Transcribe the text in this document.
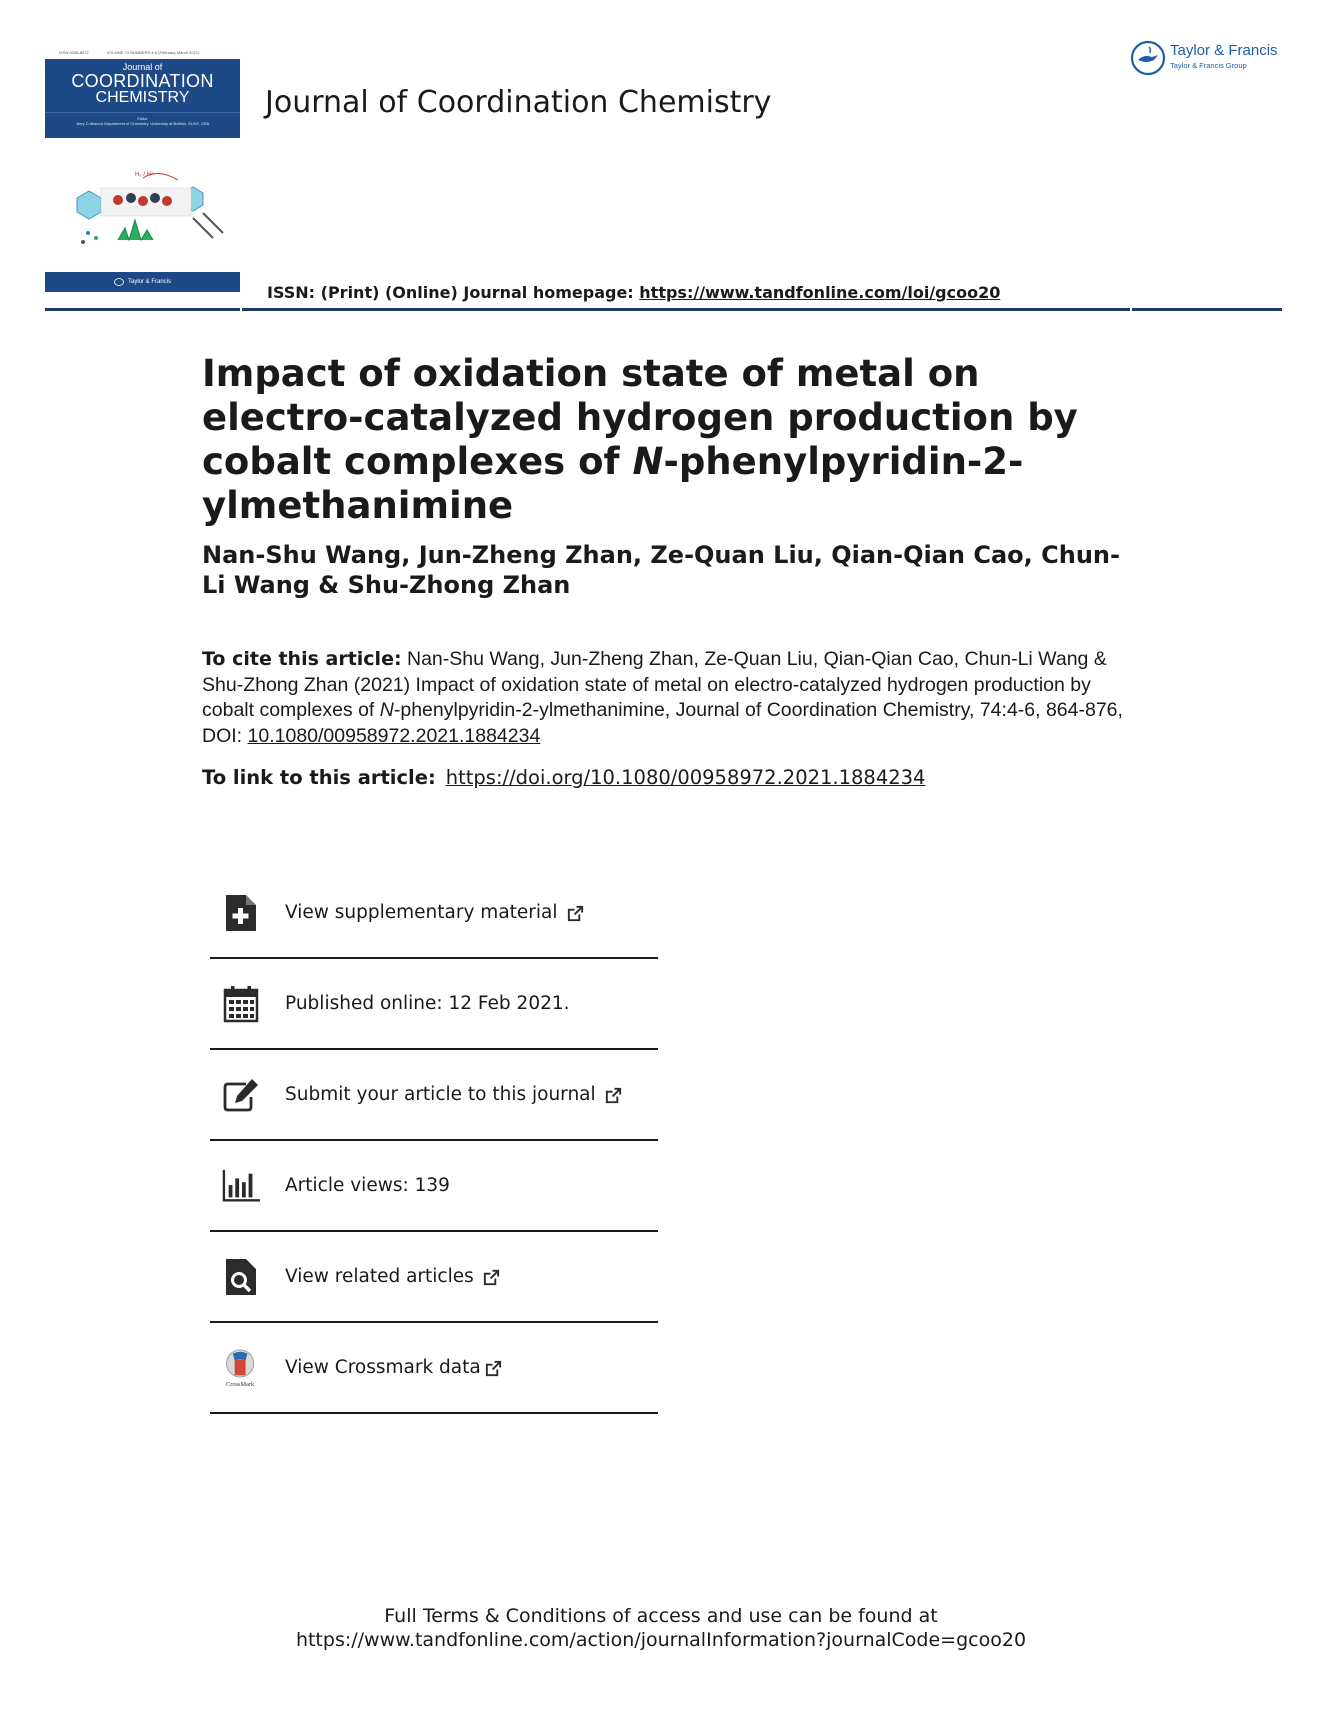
ISSN 0095-8972	VOLUME 74 NUMBERS 4-6 (February-March 2021)
Journal of
COORDINATION
CHEMISTRY
Editor
Jerry D Atwood Department of Chemistry, University at Buffalo, SUNY, USA
H₂ / H⁺
Taylor & Francis
Journal of Coordination Chemistry
ISSN: (Print) (Online) Journal homepage: https://www.tandfonline.com/loi/gcoo20
Taylor & Francis
Taylor & Francis Group
Impact of oxidation state of metal on electro-catalyzed hydrogen production by cobalt complexes of N-phenylpyridin-2-ylmethanimine

Nan-Shu Wang, Jun-Zheng Zhan, Ze-Quan Liu, Qian-Qian Cao, Chun-Li Wang & Shu-Zhong Zhan

To cite this article: Nan-Shu Wang, Jun-Zheng Zhan, Ze-Quan Liu, Qian-Qian Cao, Chun-Li Wang & Shu-Zhong Zhan (2021) Impact of oxidation state of metal on electro-catalyzed hydrogen production by cobalt complexes of N-phenylpyridin-2-ylmethanimine, Journal of Coordination Chemistry, 74:4-6, 864-876, DOI: 10.1080/00958972.2021.1884234

To link to this article: https://doi.org/10.1080/00958972.2021.1884234
View supplementary material
Published online: 12 Feb 2021.
Submit your article to this journal
Article views: 139
View related articles
CrossMark
View Crossmark data
Full Terms & Conditions of access and use can be found at
https://www.tandfonline.com/action/journalInformation?journalCode=gcoo20
